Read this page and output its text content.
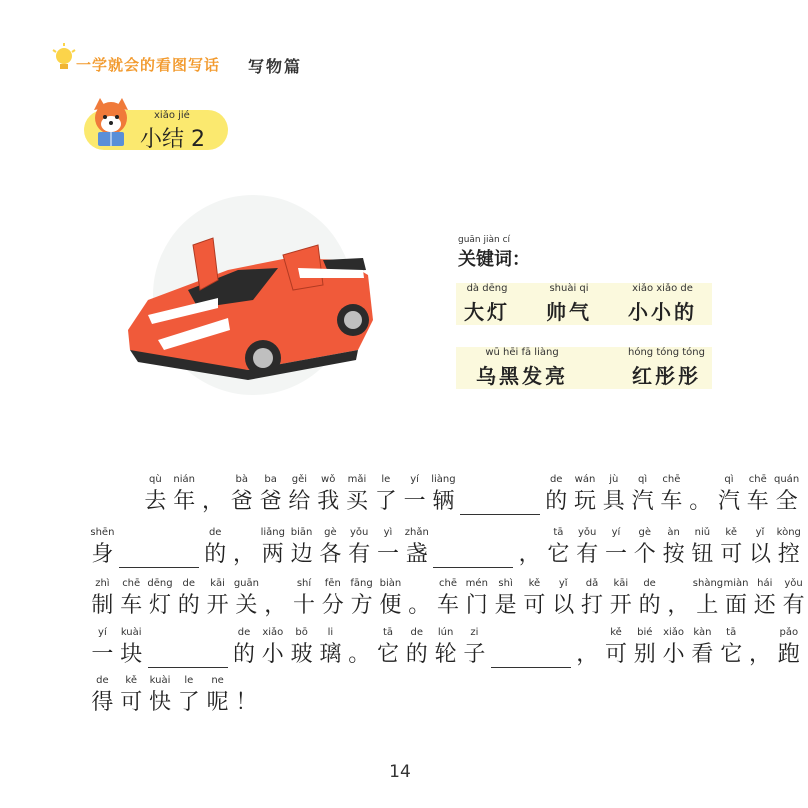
一学就会的看图写话 写物篇
xiǎo jié
小结 2
guān jiàn cí
关键词：
dà dēng
大灯
shuài qi
帅气
xiǎo xiǎo de
小小的
wū hēi fā liàng
乌黑发亮
hóng tóng tóng
红彤彤
qù
去
nián
年 ，
bà
爸
ba
爸
gěi
给
wǒ
我
mǎi
买
le
了
yí
一
liàng
辆
de
的
wán
玩
jù
具
qì
汽
chē
车 。
qì
汽
chē
车
quán
全
shēn
身
de
的 ，
liǎng
两
biān
边
gè
各
yǒu
有
yì
一
zhǎn
盏	，
tā
它
yǒu
有
yí
一
gè
个
àn
按
niǔ
钮
kě
可
yǐ
以
kòng
控
zhì
制
chē
车
dēng
灯
de
的
kāi
开
guān
关 ，
shí
十
fēn
分
fāng
方
biàn
便 。
chē
车
mén
门
shì
是
kě
可
yǐ
以
dǎ
打
kāi
开
de
的 ，
shàng
上
miàn
面
hái
还
yǒu
有
yí
一
kuài
块
de
的
xiǎo
小
bō
玻
li
璃 。
tā
它
de
的
lún
轮
zi
子	，
kě
可
bié
别
xiǎo
小
kàn
看
tā
它 ，
pǎo
跑
de
得
kě
可
kuài
快
le
了
ne
呢 ！
14
